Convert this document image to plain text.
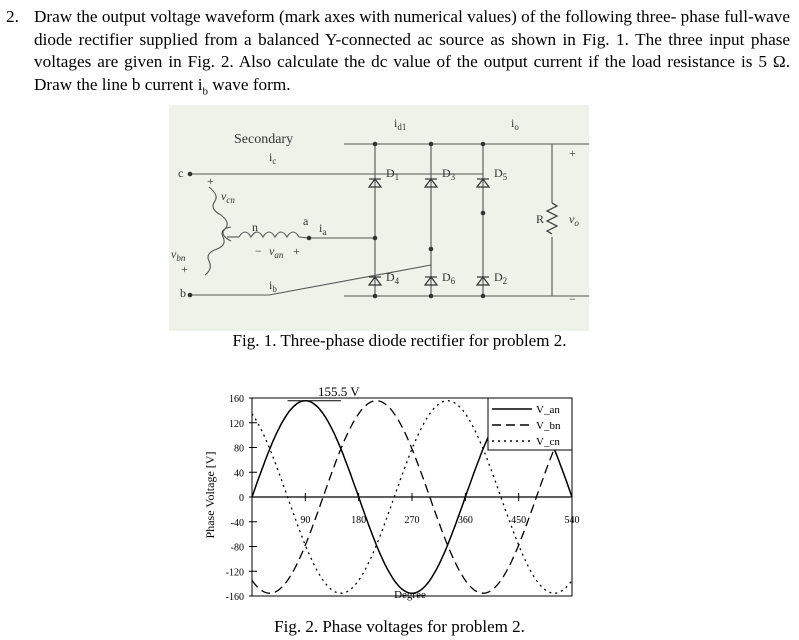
2. Draw the output voltage waveform (mark axes with numerical values) of the following three- phase full-wave diode rectifier supplied from a balanced Y-connected ac source as shown in Fig. 1. The three input phase voltages are given in Fig. 2. Also calculate the dc value of the output current if the load resistance is 5 Ω. Draw the line b current $i_b$ wave form.
Secondary
$i_c$
c
+
$v_{cn}$
n	a $i_a$
− $v_{an}$ +
$v_{bn}$
+
b
$i_b$
$i_{d1}$	$i_o$
+
R $v_o$
−
$D_1$	$D_3$	$D_5$
$D_4$	$D_6$	$D_2$
Fig. 1. Three-phase diode rectifier for problem 2.
160
120
80
40
0
-40
-80
-120
-160
90	180	270	360	450	540
155.5 V
Phase Voltage [V]
Degree
V_an
V_bn
V_cn
Fig. 2. Phase voltages for problem 2.
